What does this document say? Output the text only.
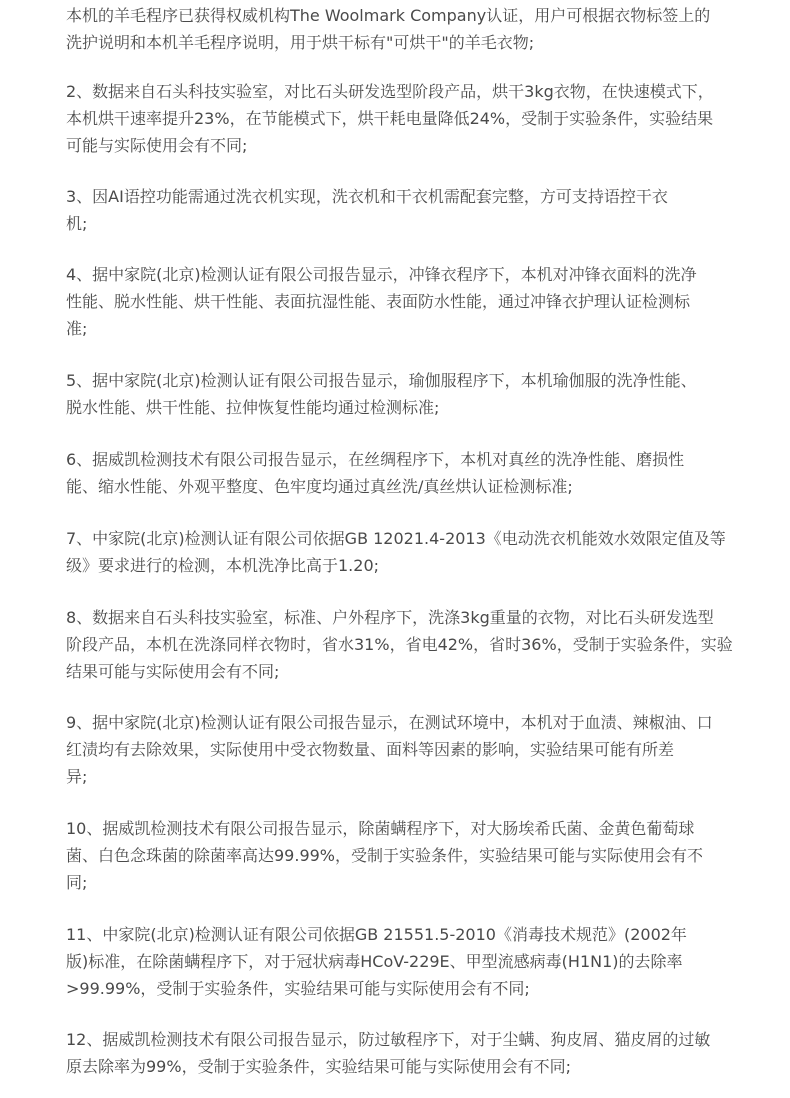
本机的羊毛程序已获得权威机构The Woolmark Company认证，用户可根据衣物标签上的
洗护说明和本机羊毛程序说明，用于烘干标有"可烘干"的羊毛衣物;

2、数据来自石头科技实验室，对比石头研发选型阶段产品，烘干3kg衣物，在快速模式下，
本机烘干速率提升23%，在节能模式下，烘干耗电量降低24%，受制于实验条件，实验结果
可能与实际使用会有不同;

3、因AI语控功能需通过洗衣机实现，洗衣机和干衣机需配套完整，方可支持语控干衣
机;

4、据中家院(北京)检测认证有限公司报告显示，冲锋衣程序下，本机对冲锋衣面料的洗净
性能、脱水性能、烘干性能、表面抗湿性能、表面防水性能，通过冲锋衣护理认证检测标
准;

5、据中家院(北京)检测认证有限公司报告显示，瑜伽服程序下，本机瑜伽服的洗净性能、
脱水性能、烘干性能、拉伸恢复性能均通过检测标准;

6、据威凯检测技术有限公司报告显示，在丝绸程序下，本机对真丝的洗净性能、磨损性
能、缩水性能、外观平整度、色牢度均通过真丝洗/真丝烘认证检测标准;

7、中家院(北京)检测认证有限公司依据GB 12021.4-2013《电动洗衣机能效水效限定值及等
级》要求进行的检测，本机洗净比高于1.20;

8、数据来自石头科技实验室，标准、户外程序下，洗涤3kg重量的衣物，对比石头研发选型
阶段产品，本机在洗涤同样衣物时，省水31%，省电42%，省时36%，受制于实验条件，实验
结果可能与实际使用会有不同;

9、据中家院(北京)检测认证有限公司报告显示，在测试环境中，本机对于血渍、辣椒油、口
红渍均有去除效果，实际使用中受衣物数量、面料等因素的影响，实验结果可能有所差
异;

10、据威凯检测技术有限公司报告显示，除菌螨程序下，对大肠埃希氏菌、金黄色葡萄球
菌、白色念珠菌的除菌率高达99.99%，受制于实验条件，实验结果可能与实际使用会有不
同;

11、中家院(北京)检测认证有限公司依据GB 21551.5-2010《消毒技术规范》(2002年
版)标准，在除菌螨程序下，对于冠状病毒HCoV-229E、甲型流感病毒(H1N1)的去除率
>99.99%，受制于实验条件，实验结果可能与实际使用会有不同;

12、据威凯检测技术有限公司报告显示，防过敏程序下，对于尘螨、狗皮屑、猫皮屑的过敏
原去除率为99%，受制于实验条件，实验结果可能与实际使用会有不同;
